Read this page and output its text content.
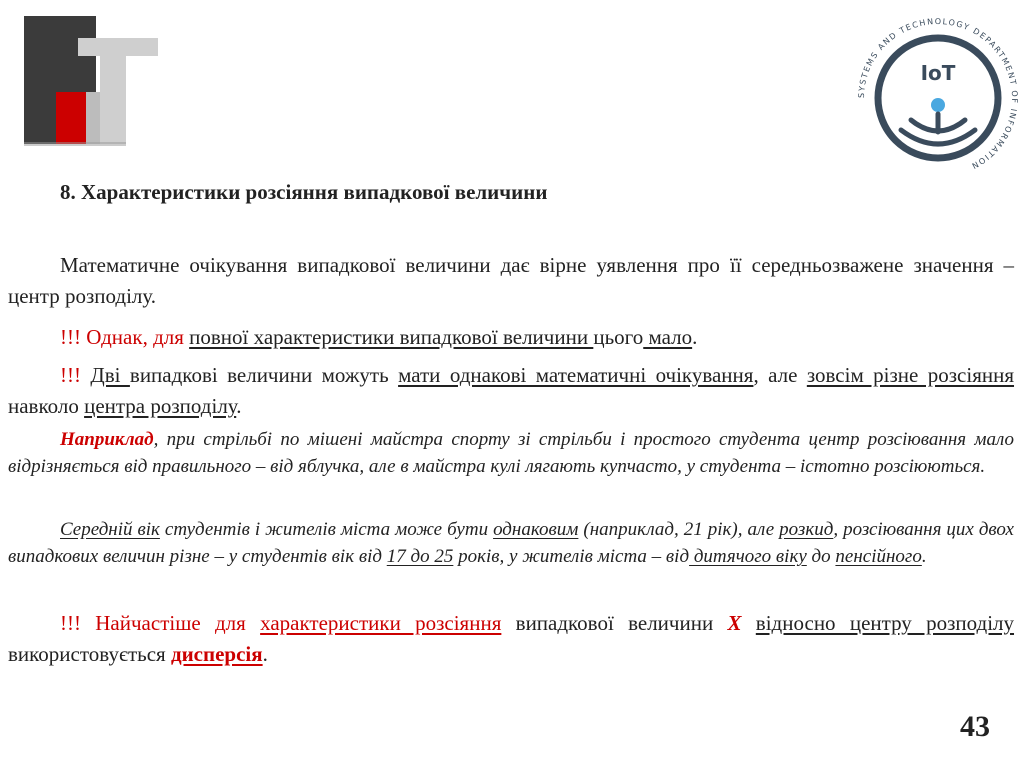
SYSTEMS AND TECHNOLOGY DEPARTMENT OF INFORMATION
IoT
8. Характеристики розсіяння випадкової величини

Математичне очікування випадкової величини дає вірне уявлення про її середньозважене значення – центр розподілу.

!!! Однак, для повної характеристики випадкової величини цього мало.

!!! Дві випадкові величини можуть мати однакові математичні очікування, але зовсім різне розсіяння навколо центра розподілу.

Наприклад, при стрільбі по мішені майстра спорту зі стрільби і простого студента центр розсіювання мало відрізняється від правильного – від яблучка, але в майстра кулі лягають купчасто, у студента – істотно розсіюються.

Середній вік студентів і жителів міста може бути однаковим (наприклад, 21 рік), але розкид, розсіювання цих двох випадкових величин різне – у студентів вік від 17 до 25 років, у жителів міста – від дитячого віку до пенсійного.

!!! Найчастіше для характеристики розсіяння випадкової величини X відносно центру розподілу використовується дисперсія.

43
